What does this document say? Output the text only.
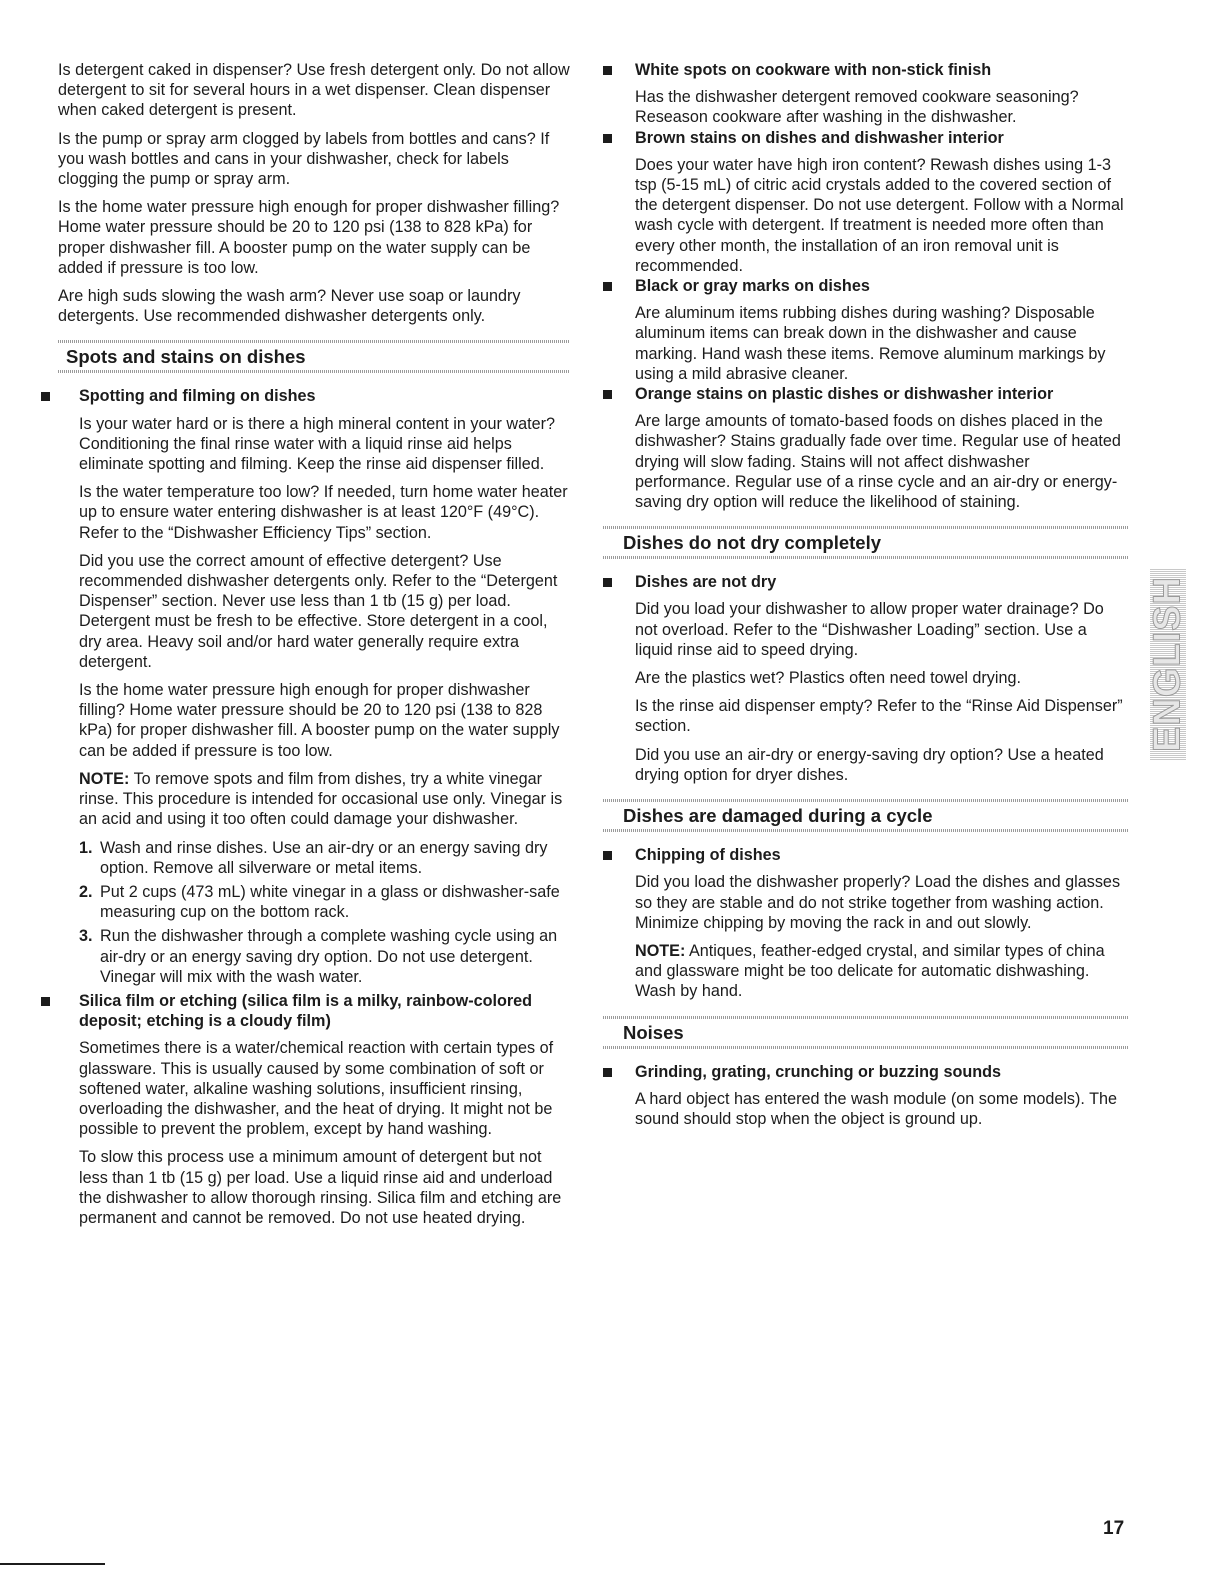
Is detergent caked in dispenser? Use fresh detergent only. Do not allow detergent to sit for several hours in a wet dispenser. Clean dispenser when caked detergent is present.

Is the pump or spray arm clogged by labels from bottles and cans? If you wash bottles and cans in your dishwasher, check for labels clogging the pump or spray arm.

Is the home water pressure high enough for proper dishwasher filling? Home water pressure should be 20 to 120 psi (138 to 828 kPa) for proper dishwasher fill. A booster pump on the water supply can be added if pressure is too low.

Are high suds slowing the wash arm? Never use soap or laundry detergents. Use recommended dishwasher detergents only.

Spots and stains on dishes
Spotting and filming on dishes

Is your water hard or is there a high mineral content in your water? Conditioning the final rinse water with a liquid rinse aid helps eliminate spotting and filming. Keep the rinse aid dispenser filled.

Is the water temperature too low? If needed, turn home water heater up to ensure water entering dishwasher is at least 120°F (49°C). Refer to the “Dishwasher Efficiency Tips” section.

Did you use the correct amount of effective detergent? Use recommended dishwasher detergents only. Refer to the “Detergent Dispenser” section. Never use less than 1 tb (15 g) per load. Detergent must be fresh to be effective. Store detergent in a cool, dry area. Heavy soil and/or hard water generally require extra detergent.

Is the home water pressure high enough for proper dishwasher filling? Home water pressure should be 20 to 120 psi (138 to 828 kPa) for proper dishwasher fill. A booster pump on the water supply can be added if pressure is too low.

NOTE: To remove spots and film from dishes, try a white vinegar rinse. This procedure is intended for occasional use only. Vinegar is an acid and using it too often could damage your dishwasher.

1. Wash and rinse dishes. Use an air-dry or an energy saving dry option. Remove all silverware or metal items.

2. Put 2 cups (473 mL) white vinegar in a glass or dishwasher-safe measuring cup on the bottom rack.

3. Run the dishwasher through a complete washing cycle using an air-dry or an energy saving dry option. Do not use detergent. Vinegar will mix with the wash water.

Silica film or etching (silica film is a milky, rainbow-colored deposit; etching is a cloudy film)

Sometimes there is a water/chemical reaction with certain types of glassware. This is usually caused by some combination of soft or softened water, alkaline washing solutions, insufficient rinsing, overloading the dishwasher, and the heat of drying. It might not be possible to prevent the problem, except by hand washing.

To slow this process use a minimum amount of detergent but not less than 1 tb (15 g) per load. Use a liquid rinse aid and underload the dishwasher to allow thorough rinsing. Silica film and etching are permanent and cannot be removed. Do not use heated drying.

White spots on cookware with non-stick finish

Has the dishwasher detergent removed cookware seasoning? Reseason cookware after washing in the dishwasher.

Brown stains on dishes and dishwasher interior

Does your water have high iron content? Rewash dishes using 1-3 tsp (5-15 mL) of citric acid crystals added to the covered section of the detergent dispenser. Do not use detergent. Follow with a Normal wash cycle with detergent. If treatment is needed more often than every other month, the installation of an iron removal unit is recommended.

Black or gray marks on dishes

Are aluminum items rubbing dishes during washing? Disposable aluminum items can break down in the dishwasher and cause marking. Hand wash these items. Remove aluminum markings by using a mild abrasive cleaner.

Orange stains on plastic dishes or dishwasher interior

Are large amounts of tomato-based foods on dishes placed in the dishwasher? Stains gradually fade over time. Regular use of heated drying will slow fading. Stains will not affect dishwasher performance. Regular use of a rinse cycle and an air-dry or energy-saving dry option will reduce the likelihood of staining.

Dishes do not dry completely
Dishes are not dry

Did you load your dishwasher to allow proper water drainage? Do not overload. Refer to the “Dishwasher Loading” section. Use a liquid rinse aid to speed drying.

Are the plastics wet? Plastics often need towel drying.

Is the rinse aid dispenser empty? Refer to the “Rinse Aid Dispenser” section.

Did you use an air-dry or energy-saving dry option? Use a heated drying option for dryer dishes.

Dishes are damaged during a cycle
Chipping of dishes

Did you load the dishwasher properly? Load the dishes and glasses so they are stable and do not strike together from washing action. Minimize chipping by moving the rack in and out slowly.

NOTE: Antiques, feather-edged crystal, and similar types of china and glassware might be too delicate for automatic dishwashing. Wash by hand.

Noises
Grinding, grating, crunching or buzzing sounds

A hard object has entered the wash module (on some models). The sound should stop when the object is ground up.

ENGLISH
17
